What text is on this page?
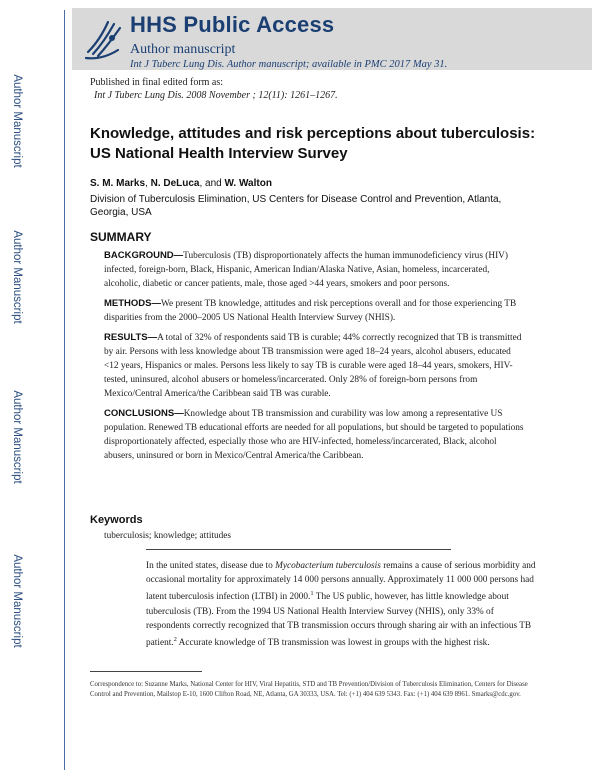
Author Manuscript
Author Manuscript
Author Manuscript
Author Manuscript
HHS Public Access
Author manuscript
Int J Tuberc Lung Dis. Author manuscript; available in PMC 2017 May 31.
Published in final edited form as:
Int J Tuberc Lung Dis. 2008 November ; 12(11): 1261–1267.
Knowledge, attitudes and risk perceptions about tuberculosis: US National Health Interview Survey
S. M. Marks, N. DeLuca, and W. Walton
Division of Tuberculosis Elimination, US Centers for Disease Control and Prevention, Atlanta, Georgia, USA
SUMMARY

BACKGROUND—Tuberculosis (TB) disproportionately affects the human immunodeficiency virus (HIV) infected, foreign-born, Black, Hispanic, American Indian/Alaska Native, Asian, homeless, incarcerated, alcoholic, diabetic or cancer patients, male, those aged >44 years, smokers and poor persons.

METHODS—We present TB knowledge, attitudes and risk perceptions overall and for those experiencing TB disparities from the 2000–2005 US National Health Interview Survey (NHIS).

RESULTS—A total of 32% of respondents said TB is curable; 44% correctly recognized that TB is transmitted by air. Persons with less knowledge about TB transmission were aged 18–24 years, alcohol abusers, educated <12 years, Hispanics or males. Persons less likely to say TB is curable were aged 18–44 years, smokers, HIV-tested, uninsured, alcohol abusers or homeless/incarcerated. Only 28% of foreign-born persons from Mexico/Central America/the Caribbean said TB was curable.

CONCLUSIONS—Knowledge about TB transmission and curability was low among a representative US population. Renewed TB educational efforts are needed for all populations, but should be targeted to populations disproportionately affected, especially those who are HIV-infected, homeless/incarcerated, Black, alcohol abusers, uninsured or born in Mexico/Central America/the Caribbean.

Keywords
tuberculosis; knowledge; attitudes
In the united states, disease due to Mycobacterium tuberculosis remains a cause of serious morbidity and occasional mortality for approximately 14 000 persons annually. Approximately 11 000 000 persons had latent tuberculosis infection (LTBI) in 2000.$^1$ The US public, however, has little knowledge about tuberculosis (TB). From the 1994 US National Health Interview Survey (NHIS), only 33% of respondents correctly recognized that TB transmission occurs through sharing air with an infectious TB patient.$^2$ Accurate knowledge of TB transmission was lowest in groups with the highest risk.
Correspondence to: Suzanne Marks, National Center for HIV, Viral Hepatitis, STD and TB Prevention/Division of Tuberculosis Elimination, Centers for Disease Control and Prevention, Mailstop E-10, 1600 Clifton Road, NE, Atlanta, GA 30333, USA. Tel: (+1) 404 639 5343. Fax: (+1) 404 639 8961. Smarks@cdc.gov.
